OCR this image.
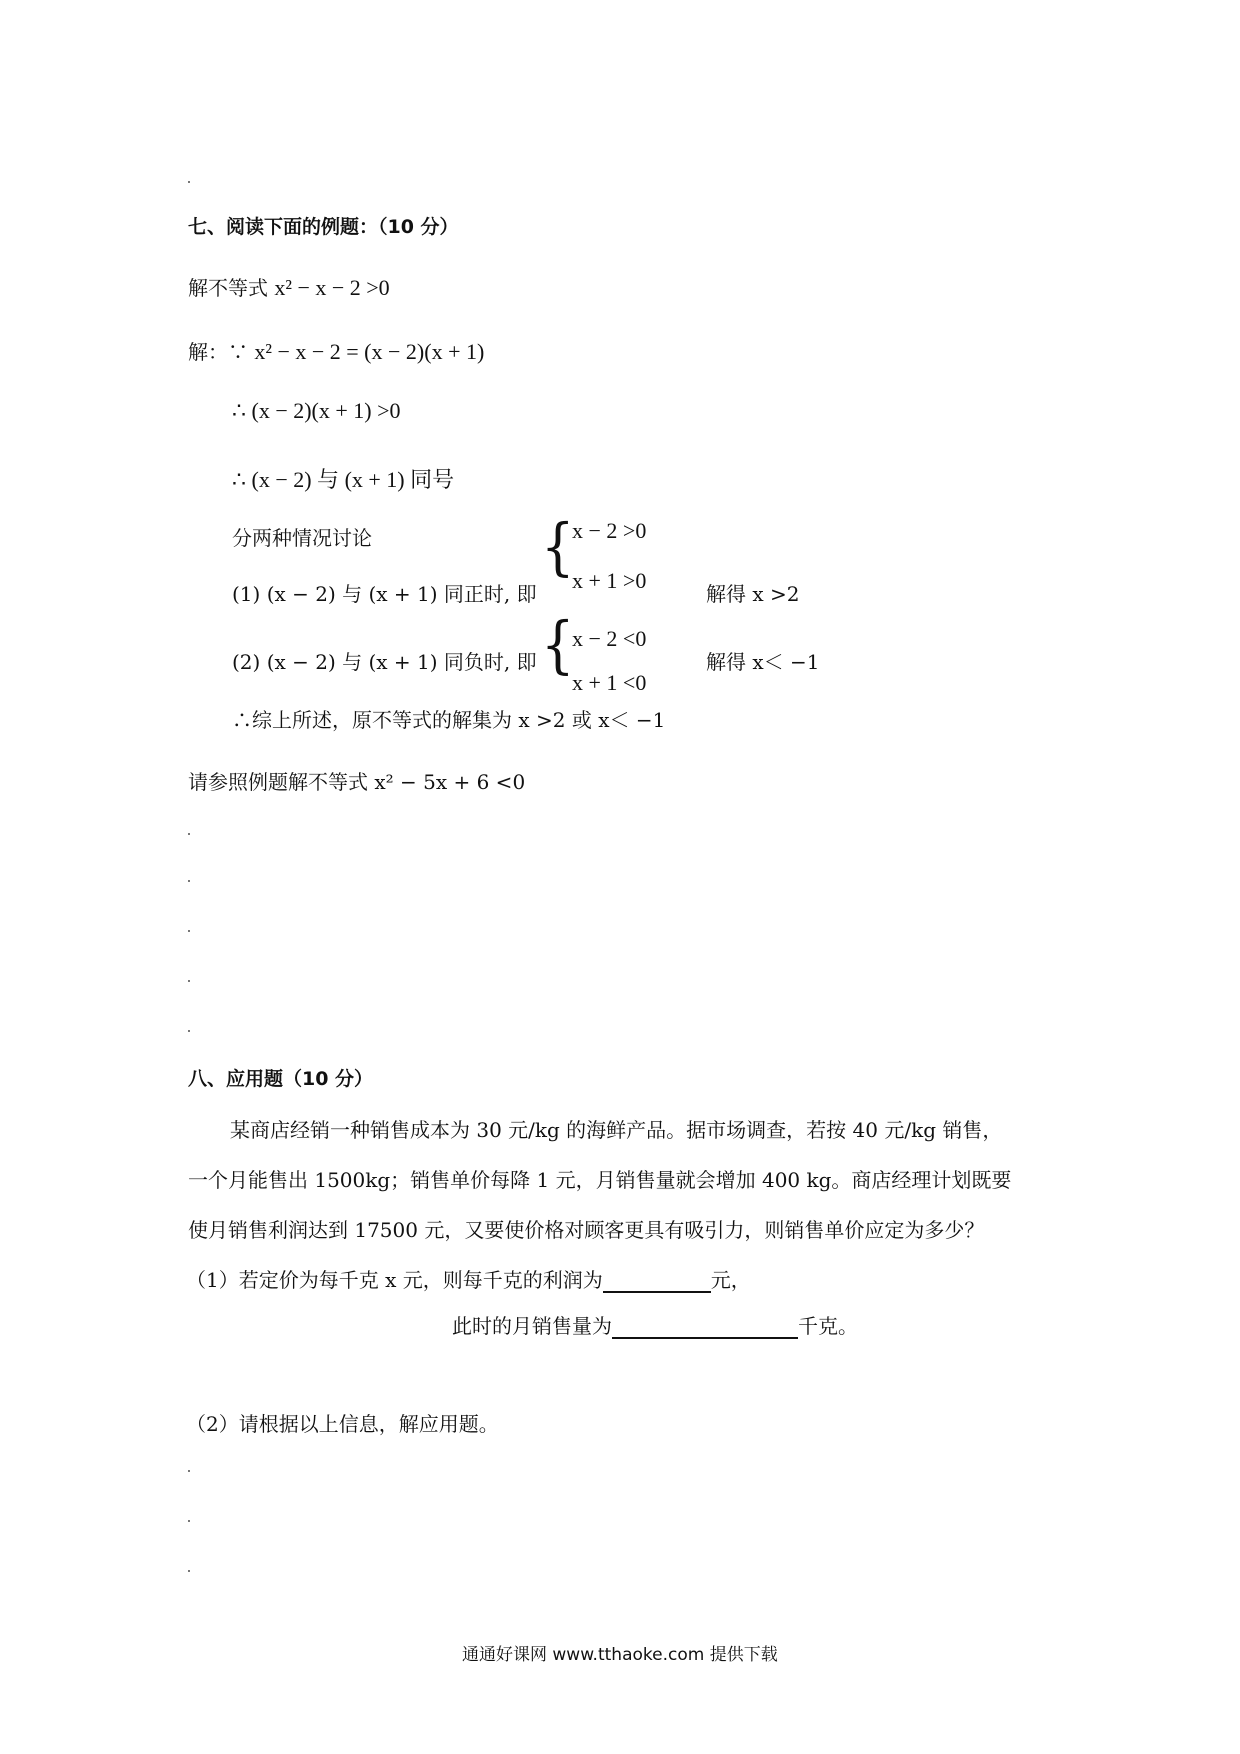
七、阅读下面的例题：（10 分）
解不等式 x² − x − 2 >0
解：∵ x² − x − 2 = (x − 2)(x + 1)
∴ (x − 2)(x + 1) >0
∴ (x − 2) 与 (x + 1) 同号
分两种情况讨论	{
x − 2 >0
x + 1 >0
(1) (x − 2) 与 (x + 1) 同正时, 即	解得 x >2
{
x − 2 <0
x + 1 <0
(2) (x − 2) 与 (x + 1) 同负时, 即	解得 x＜ −1
∴综上所述，原不等式的解集为 x >2 或 x＜ −1
请参照例题解不等式 x² − 5x + 6 <0
八、应用题（10 分）
某商店经销一种销售成本为 30 元/kg 的海鲜产品。据市场调查，若按 40 元/kg 销售，
一个月能售出 1500kg；销售单价每降 1 元，月销售量就会增加 400 kg。商店经理计划既要
使月销售利润达到 17500 元，又要使价格对顾客更具有吸引力，则销售单价应定为多少？
（1）若定价为每千克 x 元，则每千克的利润为	元，
此时的月销售量为	千克。
（2）请根据以上信息，解应用题。
通通好课网 www.tthaoke.com 提供下载
